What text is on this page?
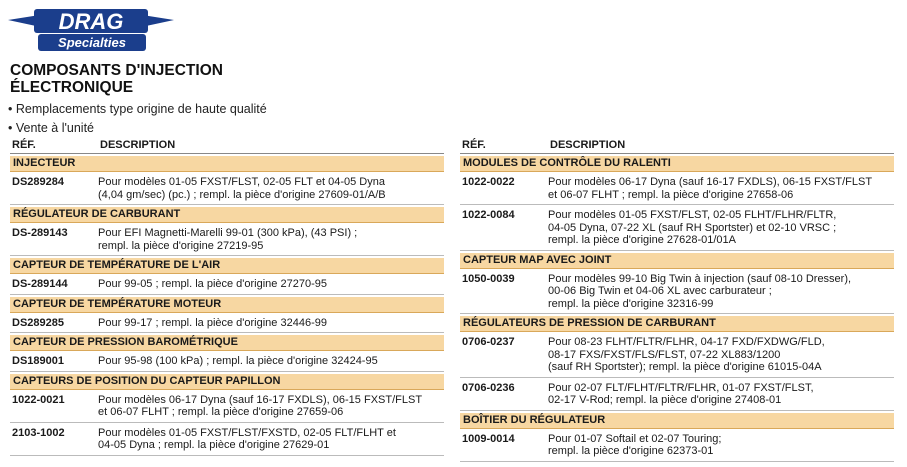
DRAG
Specialties
COMPOSANTS D'INJECTION
ÉLECTRONIQUE
• Remplacements type origine de haute qualité
• Vente à l'unité
RÉF.	DESCRIPTION
INJECTEUR
DS289284	Pour modèles 01-05 FXST/FLST, 02-05 FLT et 04-05 Dyna
(4,04 gm/sec) (pc.) ; rempl. la pièce d'origine 27609-01/A/B
RÉGULATEUR DE CARBURANT
DS-289143	Pour EFI Magnetti-Marelli 99-01 (300 kPa), (43 PSI) ;
rempl. la pièce d'origine 27219-95
CAPTEUR DE TEMPÉRATURE DE L'AIR
DS-289144	Pour 99-05 ; rempl. la pièce d'origine 27270-95
CAPTEUR DE TEMPÉRATURE MOTEUR
DS289285	Pour 99-17 ; rempl. la pièce d'origine 32446-99
CAPTEUR DE PRESSION BAROMÉTRIQUE
DS189001	Pour 95-98 (100 kPa) ; rempl. la pièce d'origine 32424-95
CAPTEURS DE POSITION DU CAPTEUR PAPILLON
1022-0021	Pour modèles 06-17 Dyna (sauf 16-17 FXDLS), 06-15 FXST/FLST
et 06-07 FLHT ; rempl. la pièce d'origine 27659-06
2103-1002	Pour modèles 01-05 FXST/FLST/FXSTD, 02-05 FLT/FLHT et
04-05 Dyna ; rempl. la pièce d'origine 27629-01
RÉF.	DESCRIPTION
MODULES DE CONTRÔLE DU RALENTI
1022-0022	Pour modèles 06-17 Dyna (sauf 16-17 FXDLS), 06-15 FXST/FLST
et 06-07 FLHT ; rempl. la pièce d'origine 27658-06
1022-0084	Pour modèles 01-05 FXST/FLST, 02-05 FLHT/FLHR/FLTR,
04-05 Dyna, 07-22 XL (sauf RH Sportster) et 02-10 VRSC ;
rempl. la pièce d'origine 27628-01/01A
CAPTEUR MAP AVEC JOINT
1050-0039	Pour modèles 99-10 Big Twin à injection (sauf 08-10 Dresser),
00-06 Big Twin et 04-06 XL avec carburateur ;
rempl. la pièce d'origine 32316-99
RÉGULATEURS DE PRESSION DE CARBURANT
0706-0237	Pour 08-23 FLHT/FLTR/FLHR, 04-17 FXD/FXDWG/FLD,
08-17 FXS/FXST/FLS/FLST, 07-22 XL883/1200
(sauf RH Sportster); rempl. la pièce d'origine 61015-04A
0706-0236	Pour 02-07 FLT/FLHT/FLTR/FLHR, 01-07 FXST/FLST,
02-17 V-Rod; rempl. la pièce d'origine 27408-01
BOÎTIER DU RÉGULATEUR
1009-0014	Pour 01-07 Softail et 02-07 Touring;
rempl. la pièce d'origine 62373-01
